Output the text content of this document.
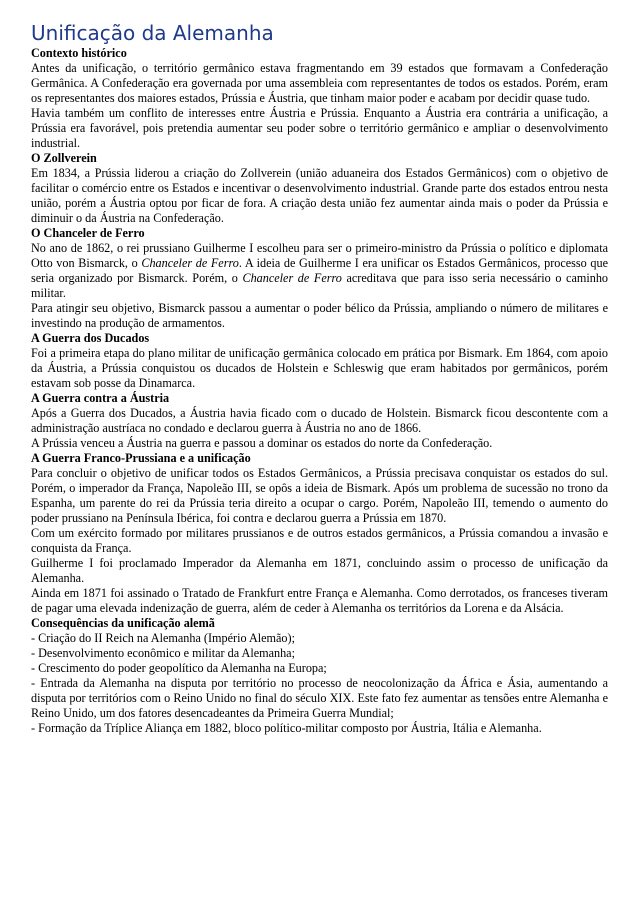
Unificação da Alemanha

Contexto histórico

Antes da unificação, o território germânico estava fragmentando em 39 estados que formavam a Confederação Germânica. A Confederação era governada por uma assembleia com representantes de todos os estados. Porém, eram os representantes dos maiores estados, Prússia e Áustria, que tinham maior poder e acabam por decidir quase tudo.

Havia também um conflito de interesses entre Áustria e Prússia. Enquanto a Áustria era contrária a unificação, a Prússia era favorável, pois pretendia aumentar seu poder sobre o território germânico e ampliar o desenvolvimento industrial.

O Zollverein

Em 1834, a Prússia liderou a criação do Zollverein (união aduaneira dos Estados Germânicos) com o objetivo de facilitar o comércio entre os Estados e incentivar o desenvolvimento industrial. Grande parte dos estados entrou nesta união, porém a Áustria optou por ficar de fora. A criação desta união fez aumentar ainda mais o poder da Prússia e diminuir o da Áustria na Confederação.

O Chanceler de Ferro

No ano de 1862, o rei prussiano Guilherme I escolheu para ser o primeiro-ministro da Prússia o político e diplomata Otto von Bismarck, o Chanceler de Ferro. A ideia de Guilherme I era unificar os Estados Germânicos, processo que seria organizado por Bismarck. Porém, o Chanceler de Ferro acreditava que para isso seria necessário o caminho militar.

Para atingir seu objetivo, Bismarck passou a aumentar o poder bélico da Prússia, ampliando o número de militares e investindo na produção de armamentos.

A Guerra dos Ducados

Foi a primeira etapa do plano militar de unificação germânica colocado em prática por Bismark. Em 1864, com apoio da Áustria, a Prússia conquistou os ducados de Holstein e Schleswig que eram habitados por germânicos, porém estavam sob posse da Dinamarca.

A Guerra contra a Áustria

Após a Guerra dos Ducados, a Áustria havia ficado com o ducado de Holstein. Bismarck ficou descontente com a administração austríaca no condado e declarou guerra à Áustria no ano de 1866.

A Prússia venceu a Áustria na guerra e passou a dominar os estados do norte da Confederação.

A Guerra Franco-Prussiana e a unificação

Para concluir o objetivo de unificar todos os Estados Germânicos, a Prússia precisava conquistar os estados do sul. Porém, o imperador da França, Napoleão III, se opôs a ideia de Bismark. Após um problema de sucessão no trono da Espanha, um parente do rei da Prússia teria direito a ocupar o cargo. Porém, Napoleão III, temendo o aumento do poder prussiano na Península Ibérica, foi contra e declarou guerra a Prússia em 1870.

Com um exército formado por militares prussianos e de outros estados germânicos, a Prússia comandou a invasão e conquista da França.

Guilherme I foi proclamado Imperador da Alemanha em 1871, concluindo assim o processo de unificação da Alemanha.

Ainda em 1871 foi assinado o Tratado de Frankfurt entre França e Alemanha. Como derrotados, os franceses tiveram de pagar uma elevada indenização de guerra, além de ceder à Alemanha os territórios da Lorena e da Alsácia.

Consequências da unificação alemã

- Criação do II Reich na Alemanha (Império Alemão);

- Desenvolvimento econômico e militar da Alemanha;

- Crescimento do poder geopolítico da Alemanha na Europa;

- Entrada da Alemanha na disputa por território no processo de neocolonização da África e Ásia, aumentando a disputa por territórios com o Reino Unido no final do século XIX. Este fato fez aumentar as tensões entre Alemanha e Reino Unido, um dos fatores desencadeantes da Primeira Guerra Mundial;

- Formação da Tríplice Aliança em 1882, bloco político-militar composto por Áustria, Itália e Alemanha.
